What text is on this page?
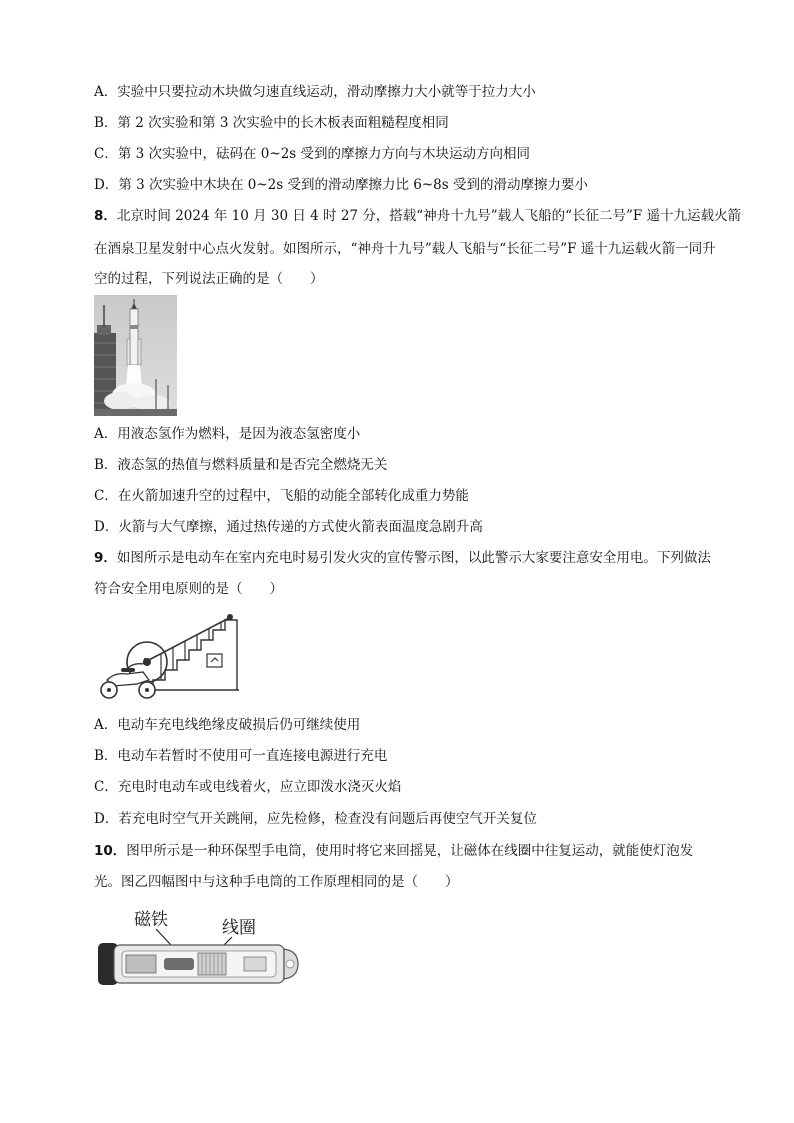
A．实验中只要拉动木块做匀速直线运动，滑动摩擦力大小就等于拉力大小
B．第 2 次实验和第 3 次实验中的长木板表面粗糙程度相同
C．第 3 次实验中，砝码在 0~2s 受到的摩擦力方向与木块运动方向相同
D．第 3 次实验中木块在 0~2s 受到的滑动摩擦力比 6~8s 受到的滑动摩擦力要小
8．北京时间 2024 年 10 月 30 日 4 时 27 分，搭载“神舟十九号”载人飞船的“长征二号”F 遥十九运载火箭
在酒泉卫星发射中心点火发射。如图所示，“神舟十九号”载人飞船与“长征二号”F 遥十九运载火箭一同升
空的过程，下列说法正确的是（　　）
A．用液态氢作为燃料，是因为液态氢密度小
B．液态氢的热值与燃料质量和是否完全燃烧无关
C．在火箭加速升空的过程中，飞船的动能全部转化成重力势能
D．火箭与大气摩擦，通过热传递的方式使火箭表面温度急剧升高
9．如图所示是电动车在室内充电时易引发火灾的宣传警示图，以此警示大家要注意安全用电。下列做法
符合安全用电原则的是（　　）
A．电动车充电线绝缘皮破损后仍可继续使用
B．电动车若暂时不使用可一直连接电源进行充电
C．充电时电动车或电线着火，应立即泼水浇灭火焰
D．若充电时空气开关跳闸，应先检修，检查没有问题后再使空气开关复位
10．图甲所示是一种环保型手电筒，使用时将它来回摇晃，让磁体在线圈中往复运动，就能使灯泡发
光。图乙四幅图中与这种手电筒的工作原理相同的是（　　）
磁铁	线圈
